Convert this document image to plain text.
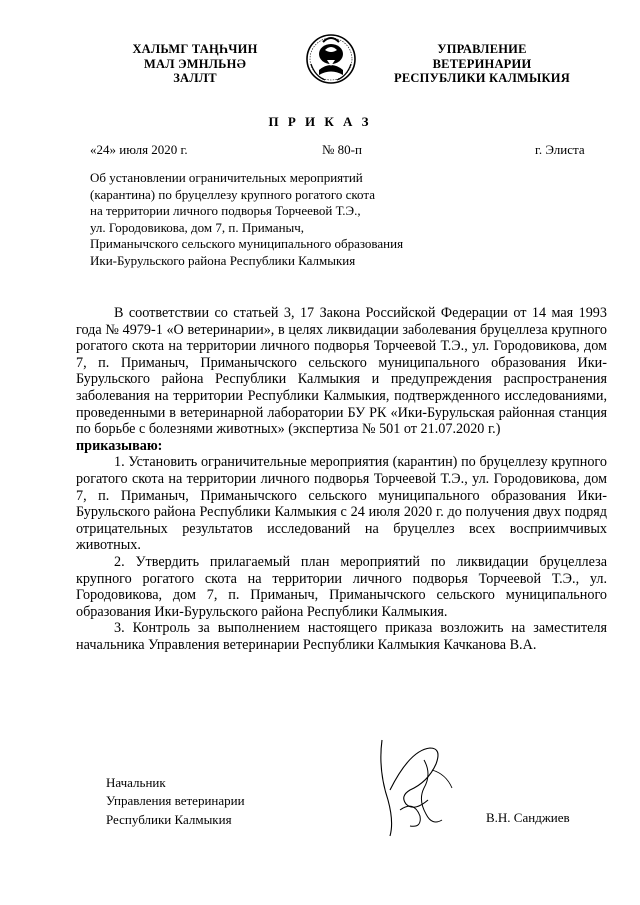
ХАЛЬМГ ТАҢҺЧИН
МАЛ ЭМНЛЬНӘ
ЗАЛЛТ
УПРАВЛЕНИЕ
ВЕТЕРИНАРИИ
РЕСПУБЛИКИ КАЛМЫКИЯ
П Р И К А З
«24» июля 2020 г.	№ 80-п	г. Элиста
Об установлении ограничительных мероприятий
(карантина) по бруцеллезу крупного рогатого скота
на территории личного подворья Торчеевой Т.Э.,
ул. Городовикова, дом 7, п. Приманыч,
Приманычского сельского муниципального образования
Ики-Бурульского района Республики Калмыкия

В соответствии со статьей 3, 17 Закона Российской Федерации от 14 мая 1993 года № 4979-1 «О ветеринарии», в целях ликвидации заболевания бруцеллеза крупного рогатого скота на территории личного подворья Торчеевой Т.Э., ул. Городовикова, дом 7, п. Приманыч, Приманычского сельского муниципального образования Ики-Бурульского района Республики Калмыкия и предупреждения распространения заболевания на территории Республики Калмыкия, подтвержденного исследованиями, проведенными в ветеринарной лаборатории БУ РК «Ики-Бурульская районная станция по борьбе с болезнями животных» (экспертиза № 501 от 21.07.2020 г.)

приказываю:

1. Установить ограничительные мероприятия (карантин) по бруцеллезу крупного рогатого скота на территории личного подворья Торчеевой Т.Э., ул. Городовикова, дом 7, п. Приманыч, Приманычского сельского муниципального образования Ики-Бурульского района Республики Калмыкия с 24 июля 2020 г. до получения двух подряд отрицательных результатов исследований на бруцеллез всех восприимчивых животных.

2. Утвердить прилагаемый план мероприятий по ликвидации бруцеллеза крупного рогатого скота на территории личного подворья Торчеевой Т.Э., ул. Городовикова, дом 7, п. Приманыч, Приманычского сельского муниципального образования Ики-Бурульского района Республики Калмыкия.

3. Контроль за выполнением настоящего приказа возложить на заместителя начальника Управления ветеринарии Республики Калмыкия Качканова В.А.

Начальник
Управления ветеринарии
Республики Калмыкия	В.Н. Санджиев
